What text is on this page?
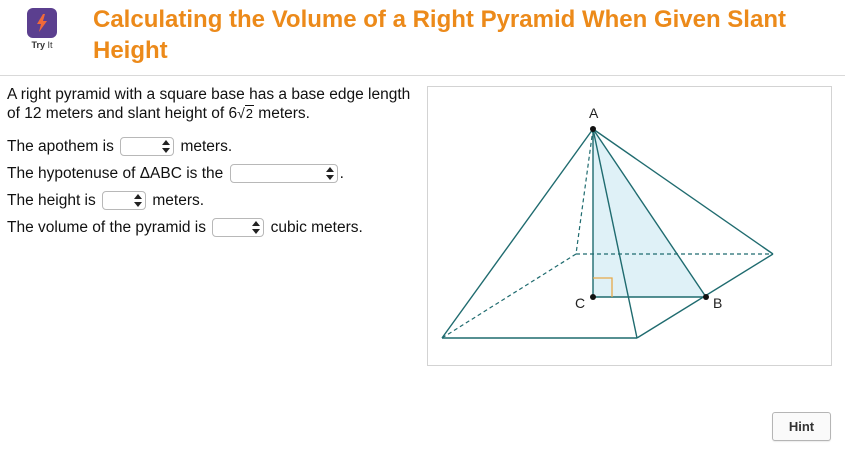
Try It
Calculating the Volume of a Right Pyramid When Given Slant Height

A right pyramid with a square base has a base edge length of 12 meters and slant height of 6√2 meters.

The apothem is	meters.
The hypotenuse of ΔABC is the	.
The height is	meters.
The volume of the pyramid is	cubic meters.
A
B
C
Hint
